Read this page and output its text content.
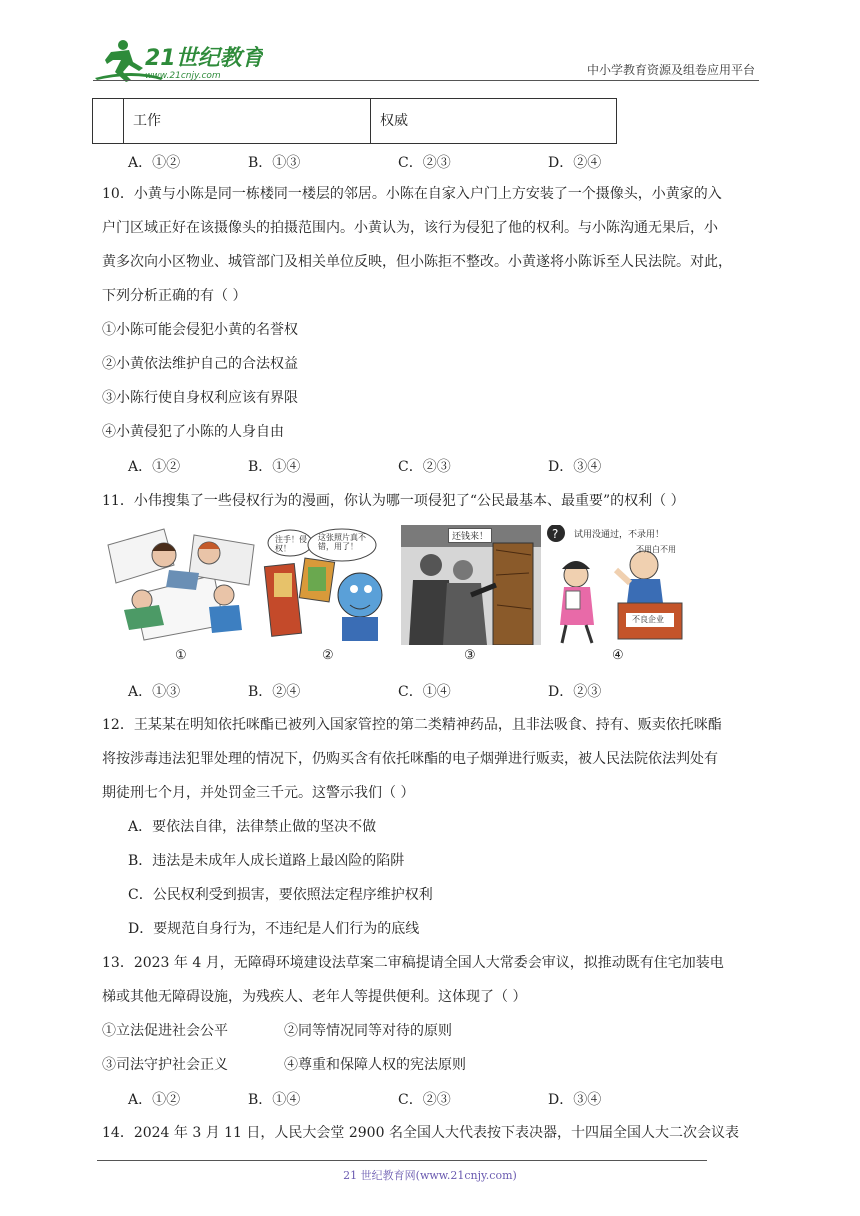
21世纪教育
www.21cnjy.com	中小学教育资源及组卷应用平台
工作	权威
A．①②	B．①③	C．②③	D．②④
10．小黄与小陈是同一栋楼同一楼层的邻居。小陈在自家入户门上方安装了一个摄像头，小黄家的入
户门区域正好在该摄像头的拍摄范围内。小黄认为，该行为侵犯了他的权利。与小陈沟通无果后，小
黄多次向小区物业、城管部门及相关单位反映，但小陈拒不整改。小黄遂将小陈诉至人民法院。对此，
下列分析正确的有（ ）
①小陈可能会侵犯小黄的名誉权
②小黄依法维护自己的合法权益
③小陈行使自身权利应该有界限
④小黄侵犯了小陈的人身自由
A．①②	B．①④	C．②③	D．③④
11．小伟搜集了一些侵权行为的漫画，你认为哪一项侵犯了“公民最基本、最重要”的权利（ ）
①
注手！侵权！
这张照片真不错，用了！
②
还钱来！
③
? 试用没通过，不录用！
不用白不用
不良企业
④
A．①③	B．②④	C．①④	D．②③
12．王某某在明知依托咪酯已被列入国家管控的第二类精神药品，且非法吸食、持有、贩卖依托咪酯
将按涉毒违法犯罪处理的情况下，仍购买含有依托咪酯的电子烟弹进行贩卖，被人民法院依法判处有
期徒刑七个月，并处罚金三千元。这警示我们（ ）
A．要依法自律，法律禁止做的坚决不做
B．违法是未成年人成长道路上最凶险的陷阱
C．公民权利受到损害，要依照法定程序维护权利
D．要规范自身行为，不违纪是人们行为的底线
13．2023 年 4 月，无障碍环境建设法草案二审稿提请全国人大常委会审议，拟推动既有住宅加装电
梯或其他无障碍设施，为残疾人、老年人等提供便利。这体现了（ ）
①立法促进社会公平	②同等情况同等对待的原则
③司法守护社会正义	④尊重和保障人权的宪法原则
A．①②	B．①④	C．②③	D．③④
14．2024 年 3 月 11 日，人民大会堂 2900 名全国人大代表按下表决器，十四届全国人大二次会议表
21 世纪教育网(www.21cnjy.com)
